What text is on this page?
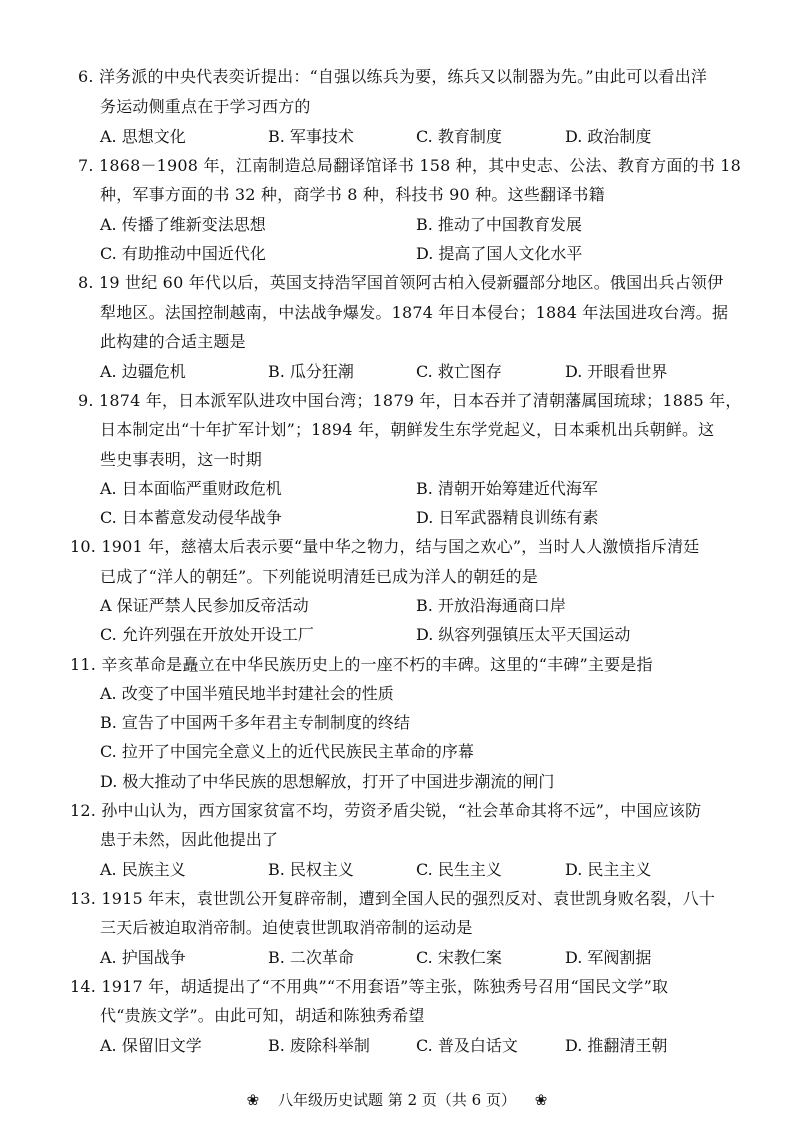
6. 洋务派的中央代表奕䜣提出：“自强以练兵为要，练兵又以制器为先。”由此可以看出洋
务运动侧重点在于学习西方的
A. 思想文化	B. 军事技术	C. 教育制度	D. 政治制度
7. 1868－1908 年，江南制造总局翻译馆译书 158 种，其中史志、公法、教育方面的书 18
种，军事方面的书 32 种，商学书 8 种，科技书 90 种。这些翻译书籍
A. 传播了维新变法思想	B. 推动了中国教育发展
C. 有助推动中国近代化	D. 提高了国人文化水平
8. 19 世纪 60 年代以后，英国支持浩罕国首领阿古柏入侵新疆部分地区。俄国出兵占领伊
犁地区。法国控制越南，中法战争爆发。1874 年日本侵台；1884 年法国进攻台湾。据
此构建的合适主题是
A. 边疆危机	B. 瓜分狂潮	C. 救亡图存	D. 开眼看世界
9. 1874 年，日本派军队进攻中国台湾；1879 年，日本吞并了清朝藩属国琉球；1885 年，
日本制定出“十年扩军计划”；1894 年，朝鲜发生东学党起义，日本乘机出兵朝鲜。这
些史事表明，这一时期
A. 日本面临严重财政危机	B. 清朝开始筹建近代海军
C. 日本蓄意发动侵华战争	D. 日军武器精良训练有素
10. 1901 年，慈禧太后表示要“量中华之物力，结与国之欢心”，当时人人激愤指斥清廷
已成了“洋人的朝廷”。下列能说明清廷已成为洋人的朝廷的是
A 保证严禁人民参加反帝活动	B. 开放沿海通商口岸
C. 允许列强在开放处开设工厂	D. 纵容列强镇压太平天国运动
11. 辛亥革命是矗立在中华民族历史上的一座不朽的丰碑。这里的“丰碑”主要是指
A. 改变了中国半殖民地半封建社会的性质
B. 宣告了中国两千多年君主专制制度的终结
C. 拉开了中国完全意义上的近代民族民主革命的序幕
D. 极大推动了中华民族的思想解放，打开了中国进步潮流的闸门
12. 孙中山认为，西方国家贫富不均，劳资矛盾尖锐，“社会革命其将不远”，中国应该防
患于未然，因此他提出了
A. 民族主义	B. 民权主义	C. 民生主义	D. 民主主义
13. 1915 年末，袁世凯公开复辟帝制，遭到全国人民的强烈反对、袁世凯身败名裂，八十
三天后被迫取消帝制。迫使袁世凯取消帝制的运动是
A. 护国战争	B. 二次革命	C. 宋教仁案	D. 军阀割据
14. 1917 年，胡适提出了“不用典”“不用套语”等主张，陈独秀号召用“国民文学”取
代“贵族文学”。由此可知，胡适和陈独秀希望
A. 保留旧文学	B. 废除科举制	C. 普及白话文	D. 推翻清王朝
❀ 八年级历史试题 第 2 页（共 6 页） ❀
